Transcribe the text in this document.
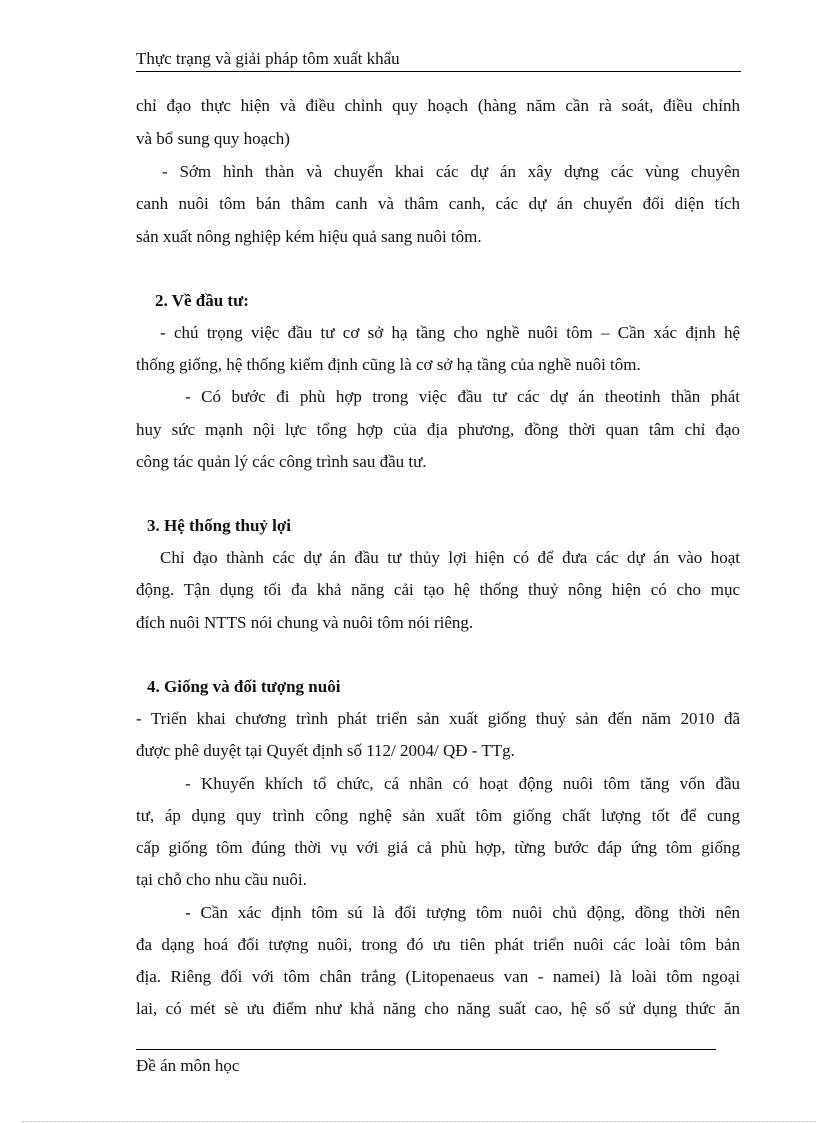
Thực trạng và giải pháp tôm xuất khẩu
chỉ đạo thực hiện và điều chỉnh quy hoạch (hàng năm cần rà soát, điều chỉnh
và bổ sung quy hoạch)
- Sớm hình thàn và chuyển khai các dự án xây dựng các vùng chuyên
canh nuôi tôm bán thâm canh và thâm canh, các dự án chuyển đổi diện tích
sản xuất nông nghiệp kém hiệu quả sang nuôi tôm.
2. Về đầu tư:
- chú trọng việc đầu tư cơ sở hạ tầng cho nghề nuôi tôm – Cần xác định hệ
thống giống, hệ thống kiểm định cũng là cơ sở hạ tầng của nghề nuôi tôm.
- Có bước đi phù hợp trong việc đầu tư các dự án theotinh thần phát
huy sức mạnh nội lực tổng hợp của địa phương, đồng thời quan tâm chỉ đạo
công tác quản lý các công trình sau đầu tư.
3. Hệ thống thuỷ lợi
Chỉ đạo thành các dự án đầu tư thủy lợi hiện có để đưa các dự án vào hoạt
động. Tận dụng tối đa khả năng cải tạo hệ thống thuỷ nông hiện có cho mục
đích nuôi NTTS nói chung và nuôi tôm nói riêng.
4. Giống và đối tượng nuôi
- Triển khai chương trình phát triển sản xuất giống thuỷ sản đến năm 2010 đã
được phê duyệt tại Quyết định số 112/ 2004/ QĐ - TTg.
- Khuyến khích tổ chức, cá nhân có hoạt động nuôi tôm tăng vốn đầu
tư, áp dụng quy trình công nghệ sản xuất tôm giống chất lượng tốt để cung
cấp giống tôm đúng thời vụ với giá cả phù hợp, từng bước đáp ứng tôm giống
tại chỗ cho nhu cầu nuôi.
- Cần xác định tôm sú là đối tượng tôm nuôi chủ động, đồng thời nên
đa dạng hoá đối tượng nuôi, trong đó ưu tiên phát triển nuôi các loài tôm bản
địa. Riêng đối với tôm chân trắng (Litopenaeus van - namei) là loài tôm ngoại
lai, có mét sè ưu điểm như khả năng cho năng suất cao, hệ số sử dụng thức ăn
Đề án môn học
